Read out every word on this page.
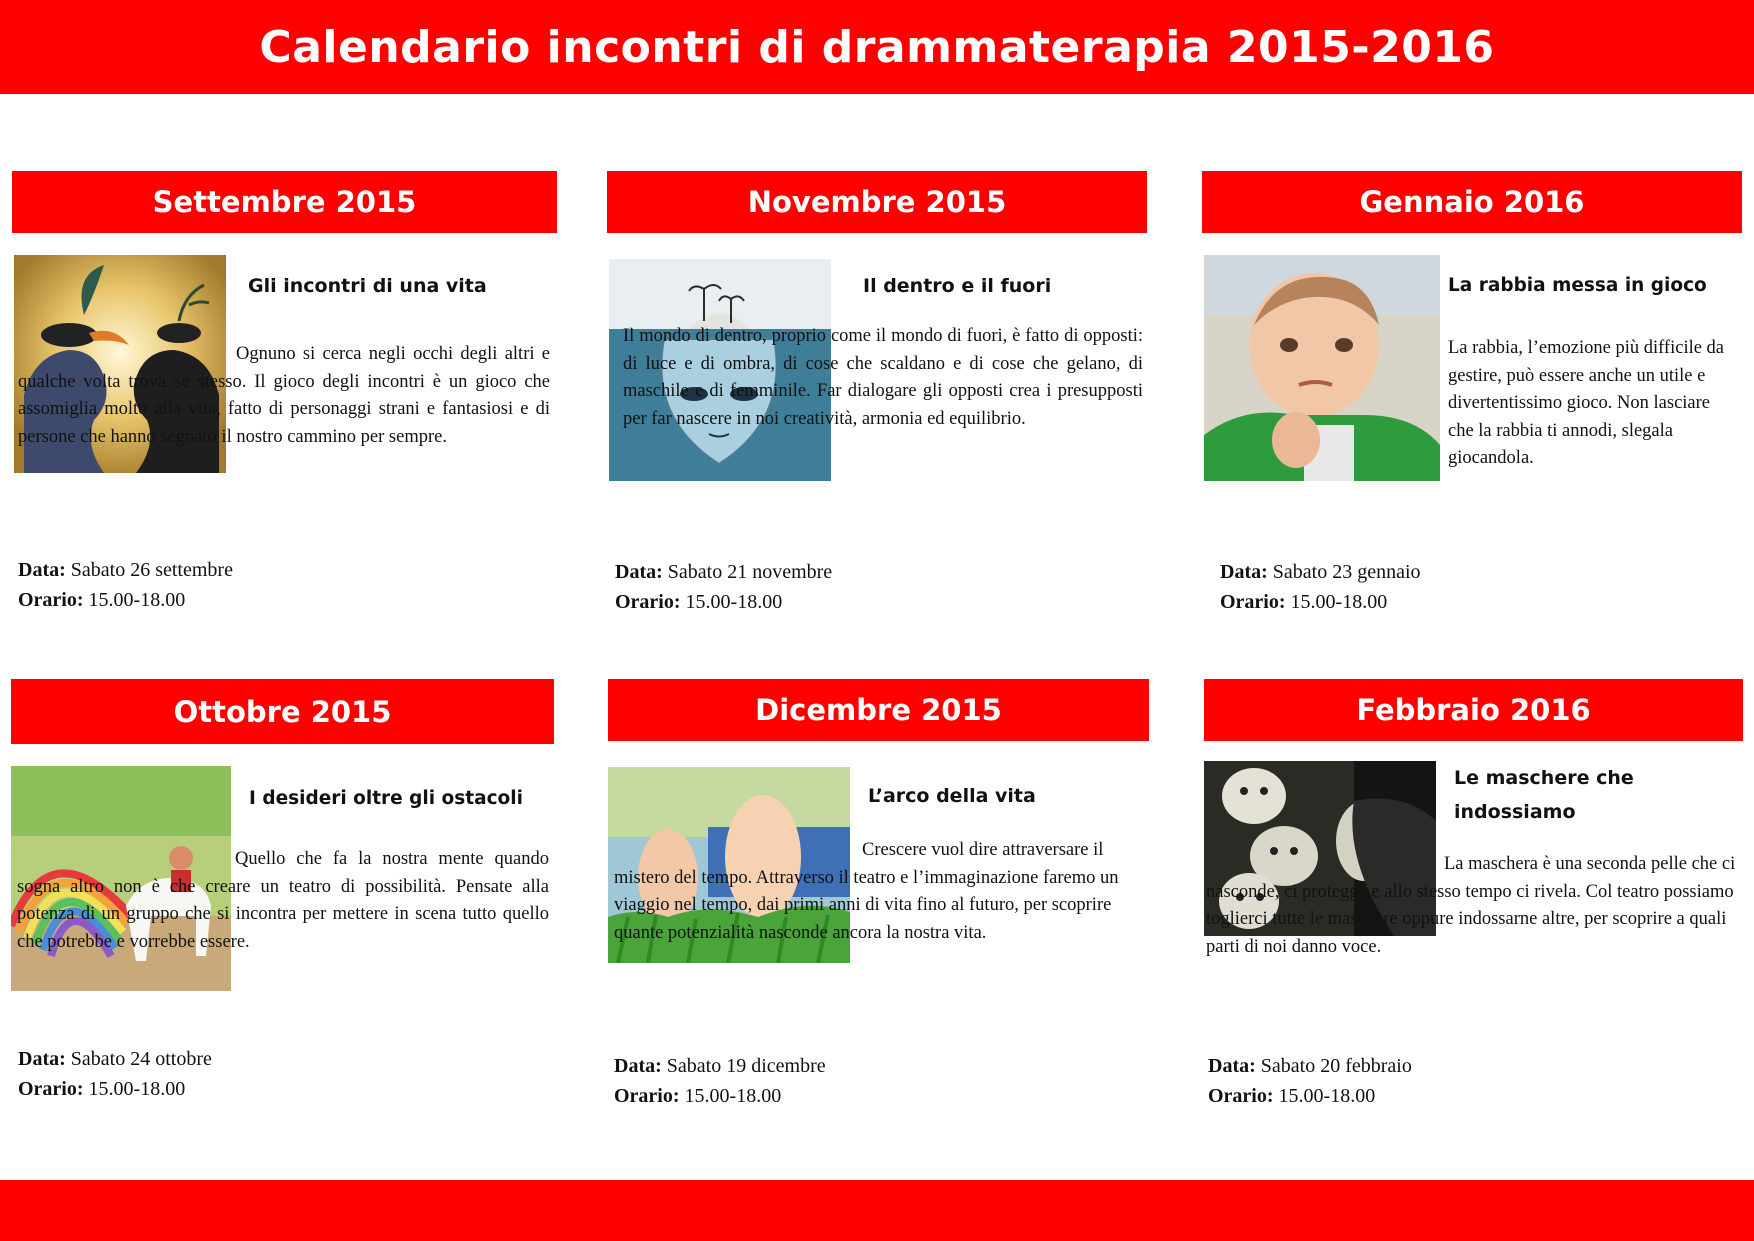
Calendario incontri di drammaterapia 2015-2016
Settembre 2015
Gli incontri di una vita

Ognuno si cerca negli occhi degli altri e qualche volta trova se stesso. Il gioco degli incontri è un gioco che assomiglia molto alla vita, fatto di personaggi strani e fantasiosi e di persone che hanno segnato il nostro cammino per sempre.

Data: Sabato 26 settembre
Orario: 15.00-18.00
Novembre 2015
Il dentro e il fuori

Il mondo di dentro, proprio come il mondo di fuori, è fatto di opposti: di luce e di ombra, di cose che scaldano e di cose che gelano, di maschile e di femminile. Far dialogare gli opposti crea i presupposti per far nascere in noi creatività, armonia ed equilibrio.

Data: Sabato 21 novembre
Orario: 15.00-18.00
Gennaio 2016
La rabbia messa in gioco

La rabbia, l’emozione più difficile da gestire, può essere anche un utile e divertentissimo gioco. Non lasciare che la rabbia ti annodi, slegala giocandola.

Data: Sabato 23 gennaio
Orario: 15.00-18.00
Ottobre 2015
I desideri oltre gli ostacoli

Quello che fa la nostra mente quando sogna altro non è che creare un teatro di possibilità. Pensate alla potenza di un gruppo che si incontra per mettere in scena tutto quello che potrebbe e vorrebbe essere.

Data: Sabato 24 ottobre
Orario: 15.00-18.00
Dicembre 2015
L’arco della vita

Crescere vuol dire attraversare il mistero del tempo. Attraverso il teatro e l’immaginazione faremo un viaggio nel tempo, dai primi anni di vita fino al futuro, per scoprire quante potenzialità nasconde ancora la nostra vita.

Data: Sabato 19 dicembre
Orario: 15.00-18.00
Febbraio 2016
Le maschere che indossiamo

La maschera è una seconda pelle che ci nasconde, ci protegge e allo stesso tempo ci rivela. Col teatro possiamo toglierci tutte le maschere oppure indossarne altre, per scoprire a quali parti di noi danno voce.

Data: Sabato 20 febbraio
Orario: 15.00-18.00
